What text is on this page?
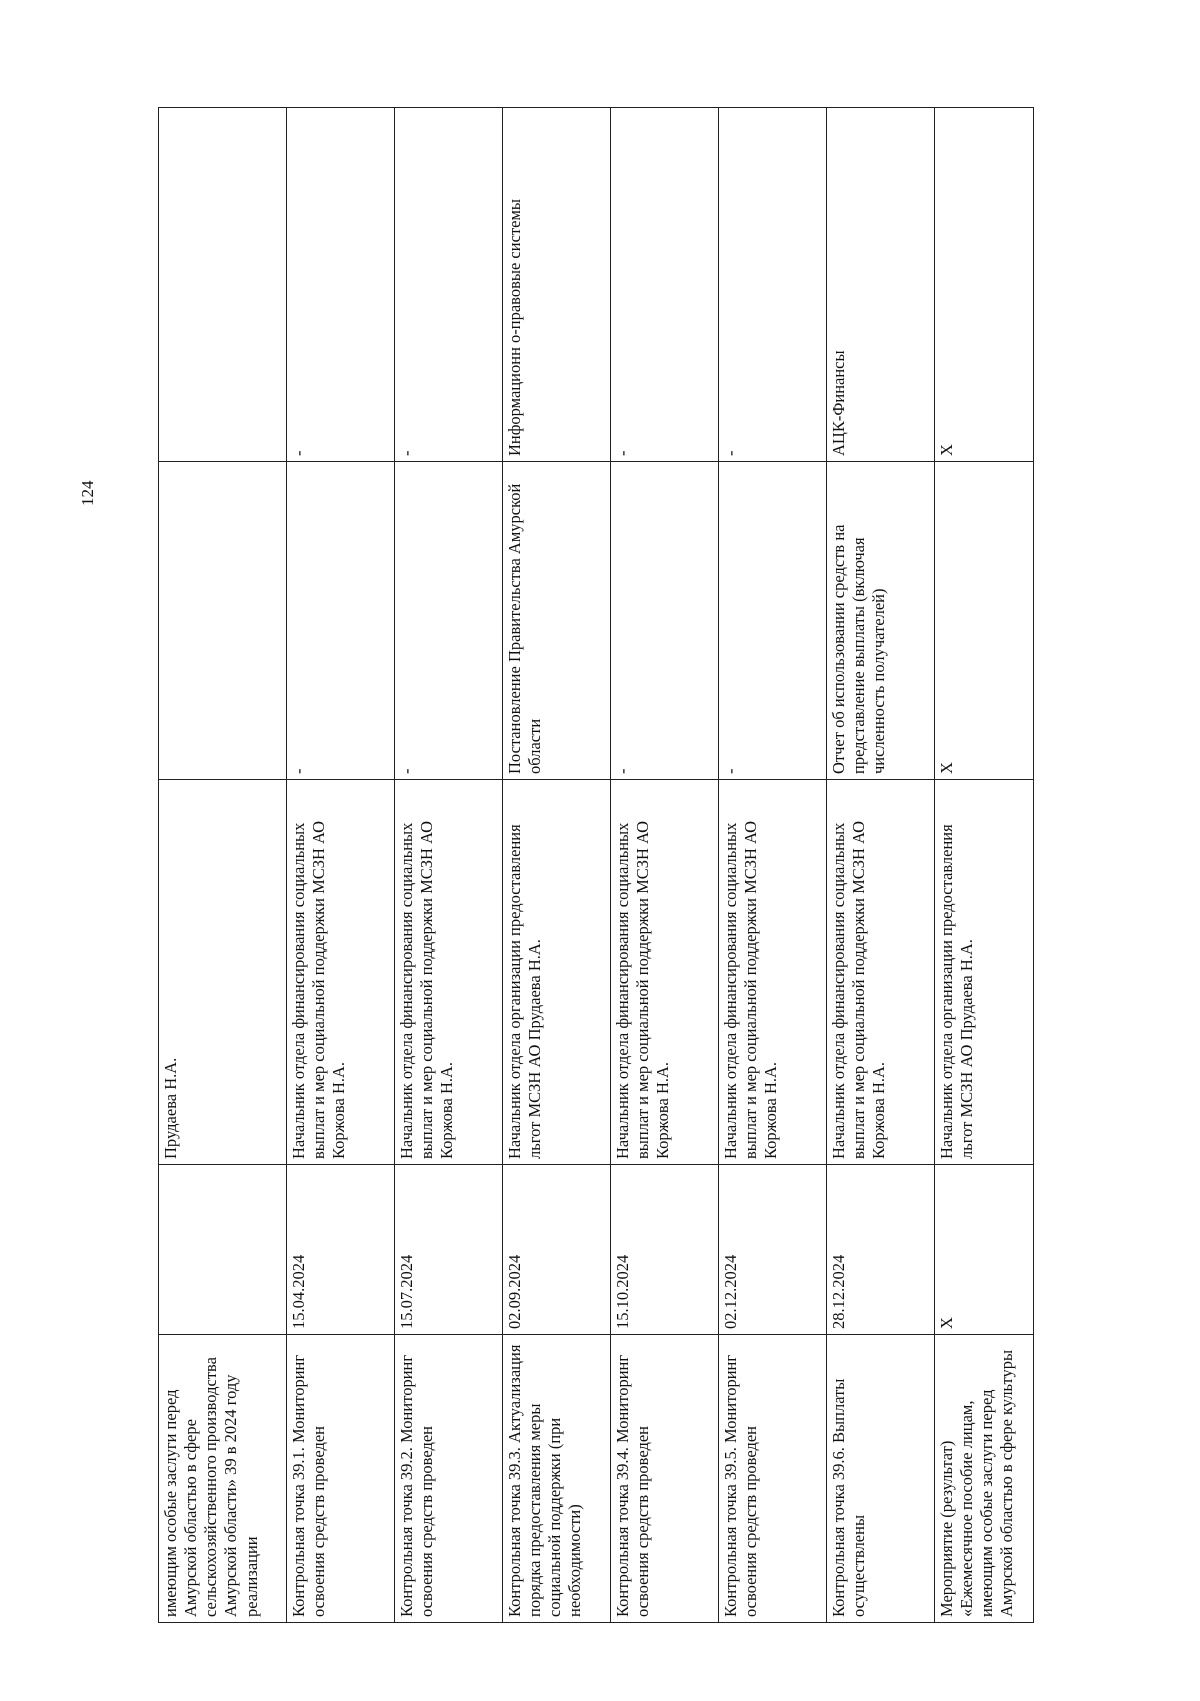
124
имеющим особые заслуги перед Амурской областью в сфере сельскохозяйственного производства Амурской области» 39 в 2024 году реализации		Прудаева Н.А.		

Контрольная точка 39.1. Мониторинг освоения средств проведен	15.04.2024	Начальник отдела финансирования социальных выплат и мер социальной поддержки МСЗН АО Коржова Н.А.	-	-

Контрольная точка 39.2. Мониторинг освоения средств проведен	15.07.2024	Начальник отдела финансирования социальных выплат и мер социальной поддержки МСЗН АО Коржова Н.А.	-	-

Контрольная точка 39.3. Актуализация порядка предоставления меры социальной поддержки (при необходимости)	02.09.2024	Начальник отдела организации предоставления льгот МСЗН АО Прудаева Н.А.	Постановление Правительства Амурской области	Информационн о-правовые системы

Контрольная точка 39.4. Мониторинг освоения средств проведен	15.10.2024	Начальник отдела финансирования социальных выплат и мер социальной поддержки МСЗН АО Коржова Н.А.	-	-

Контрольная точка 39.5. Мониторинг освоения средств проведен	02.12.2024	Начальник отдела финансирования социальных выплат и мер социальной поддержки МСЗН АО Коржова Н.А.	-	-

Контрольная точка 39.6. Выплаты осуществлены	28.12.2024	Начальник отдела финансирования социальных выплат и мер социальной поддержки МСЗН АО Коржова Н.А.	Отчет об использовании средств на представление выплаты (включая численность получателей)	АЦК-Финансы

Мероприятие (результат) «Ежемесячное пособие лицам, имеющим особые заслуги перед Амурской областью в сфере культуры	Х	Начальник отдела организации предоставления льгот МСЗН АО Прудаева Н.А.	Х	Х
